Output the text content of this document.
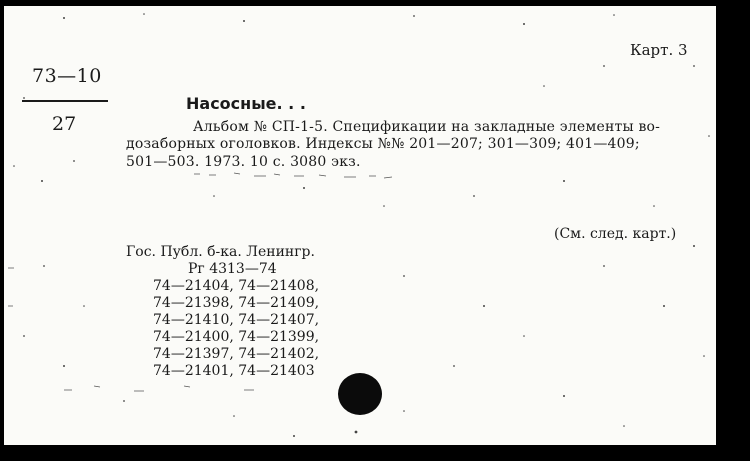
Карт. 3
73—10
27
Насосные. . .
Альбом № СП-1-5. Спецификации на закладные элементы во-
дозаборных оголовков. Индексы №№ 201—207; 301—309; 401—409;
501—503. 1973. 10 с. 3080 экз.
(См. след. карт.)
Гос. Публ. б-ка. Ленингр.
Рг 4313—74
74—21404, 74—21408,
74—21398, 74—21409,
74—21410, 74—21407,
74—21400, 74—21399,
74—21397, 74—21402,
74—21401, 74—21403
